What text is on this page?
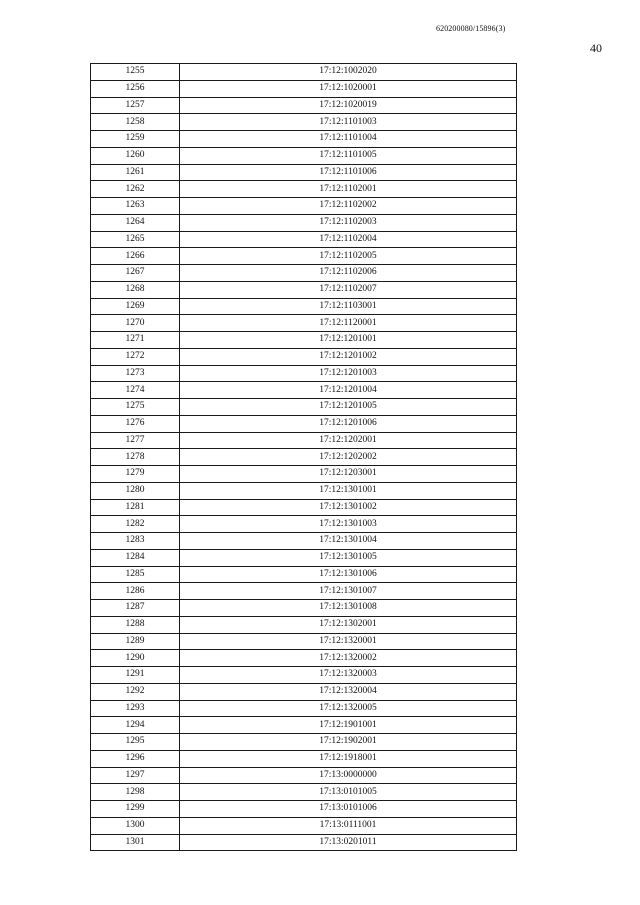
620200080/15896(3)
40
1255	17:12:1002020
1256	17:12:1020001
1257	17:12:1020019
1258	17:12:1101003
1259	17:12:1101004
1260	17:12:1101005
1261	17:12:1101006
1262	17:12:1102001
1263	17:12:1102002
1264	17:12:1102003
1265	17:12:1102004
1266	17:12:1102005
1267	17:12:1102006
1268	17:12:1102007
1269	17:12:1103001
1270	17:12:1120001
1271	17:12:1201001
1272	17:12:1201002
1273	17:12:1201003
1274	17:12:1201004
1275	17:12:1201005
1276	17:12:1201006
1277	17:12:1202001
1278	17:12:1202002
1279	17:12:1203001
1280	17:12:1301001
1281	17:12:1301002
1282	17:12:1301003
1283	17:12:1301004
1284	17:12:1301005
1285	17:12:1301006
1286	17:12:1301007
1287	17:12:1301008
1288	17:12:1302001
1289	17:12:1320001
1290	17:12:1320002
1291	17:12:1320003
1292	17:12:1320004
1293	17:12:1320005
1294	17:12:1901001
1295	17:12:1902001
1296	17:12:1918001
1297	17:13:0000000
1298	17:13:0101005
1299	17:13:0101006
1300	17:13:0111001
1301	17:13:0201011
